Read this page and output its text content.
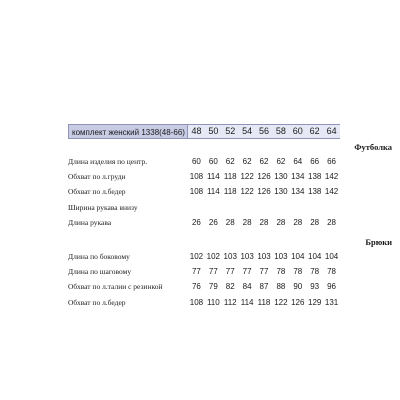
комплект женский 1338(48-66) 48 50 52 54 56 58 60 62 64
Футболка
Длина изделия по центр.	60 60 62 62 62 62 64 66 66
Обхват по л.груди	108 114 118 122 126 130 134 138 142
Обхват по л.бедер	108 114 118 122 126 130 134 138 142
Ширина рукава внизу
Длина рукава	26 26 28 28 28 28 28 28 28
Брюки
Длина по боковому	102 102 103 103 103 103 104 104 104
Длина по шаговому	77 77 77 77 77 78 78 78 78
Обхват по л.талии с резинкой	76 79 82 84 87 88 90 93 96
Обхват по л.бедер	108 110 112 114 118 122 126 129 131
